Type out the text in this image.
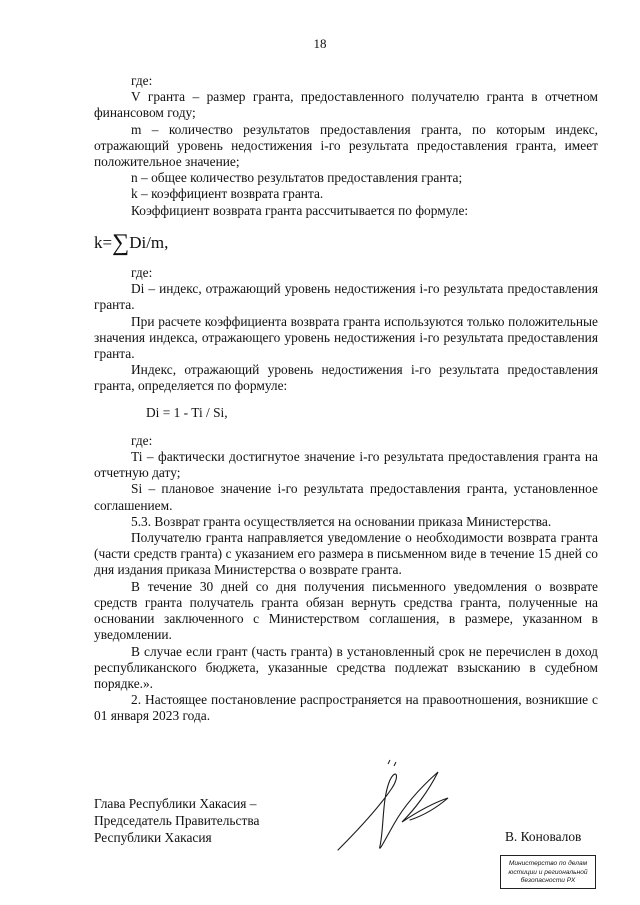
18

где:

V гранта – размер гранта, предоставленного получателю гранта в отчетном финансовом году;

m – количество результатов предоставления гранта, по которым индекс, отражающий уровень недостижения i-го результата предоставления гранта, имеет положительное значение;

n – общее количество результатов предоставления гранта;

k – коэффициент возврата гранта.

Коэффициент возврата гранта рассчитывается по формуле:

k=∑Di/m,

где:

Di – индекс, отражающий уровень недостижения i-го результата предоставления гранта.

При расчете коэффициента возврата гранта используются только положительные значения индекса, отражающего уровень недостижения i-го результата предоставления гранта.

Индекс, отражающий уровень недостижения i-го результата предоставления гранта, определяется по формуле:

Di = 1 - Ti / Si,

где:

Ti – фактически достигнутое значение i-го результата предоставления гранта на отчетную дату;

Si – плановое значение i-го результата предоставления гранта, установленное соглашением.

5.3. Возврат гранта осуществляется на основании приказа Министерства.

Получателю гранта направляется уведомление о необходимости возврата гранта (части средств гранта) с указанием его размера в письменном виде в течение 15 дней со дня издания приказа Министерства о возврате гранта.

В течение 30 дней со дня получения письменного уведомления о возврате средств гранта получатель гранта обязан вернуть средства гранта, полученные на основании заключенного с Министерством соглашения, в размере, указанном в уведомлении.

В случае если грант (часть гранта) в установленный срок не перечислен в доход республиканского бюджета, указанные средства подлежат взысканию в судебном порядке.».

2. Настоящее постановление распространяется на правоотношения, возникшие с 01 января 2023 года.

Глава Республики Хакасия –
Председатель Правительства
Республики Хакасия	В. Коновалов
Министерство по делам
юстиции и региональной
безопасности РХ
